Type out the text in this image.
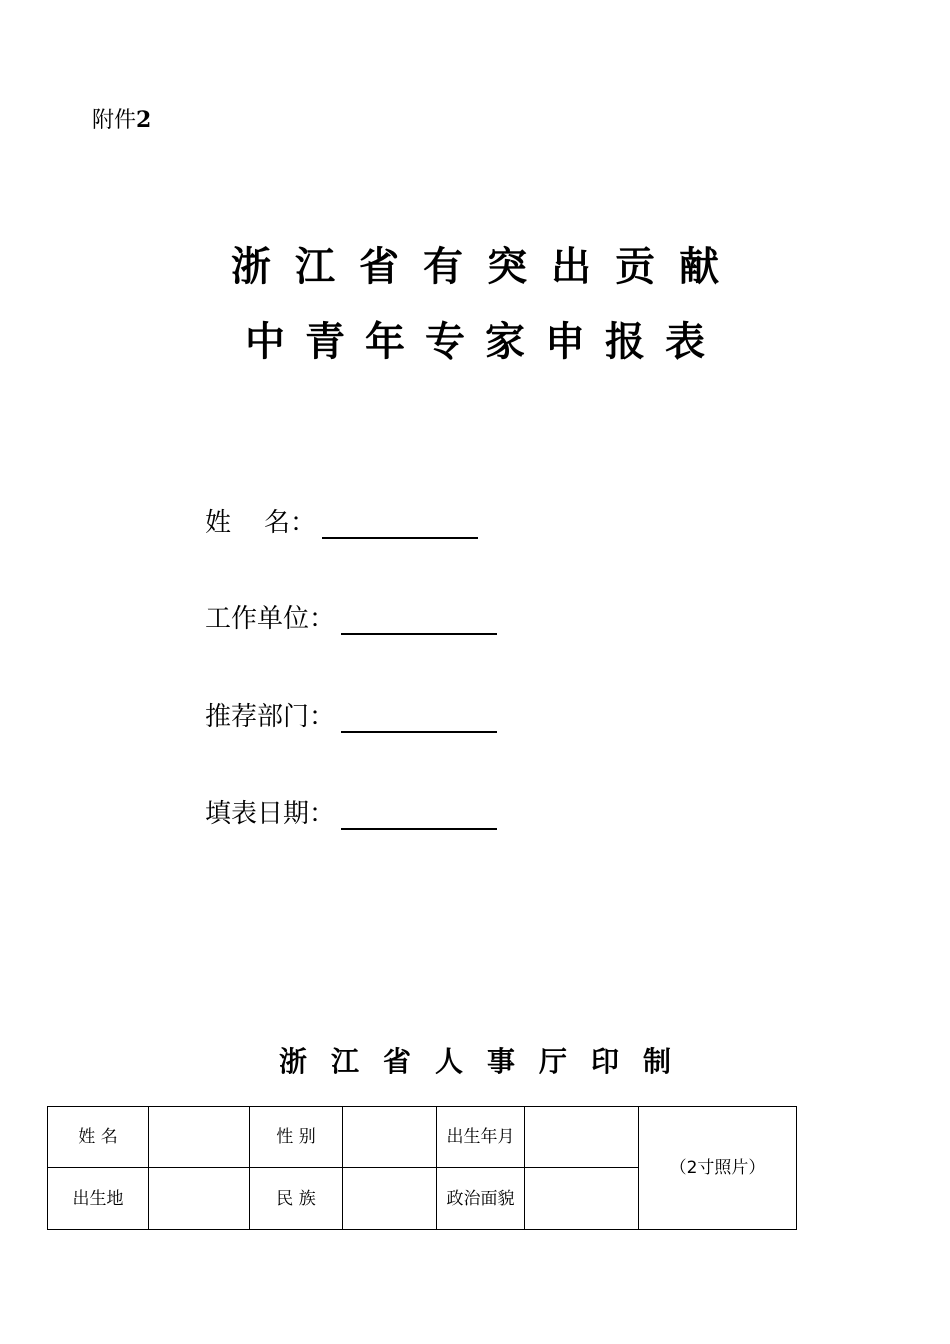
附件2
浙江省有突出贡献
中青年专家申报表
姓    名：
工作单位：
推荐部门：
填表日期：
浙江省人事厅印制
姓 名		性 别		出生年月		（2寸照片）
出生地		民 族		政治面貌		
